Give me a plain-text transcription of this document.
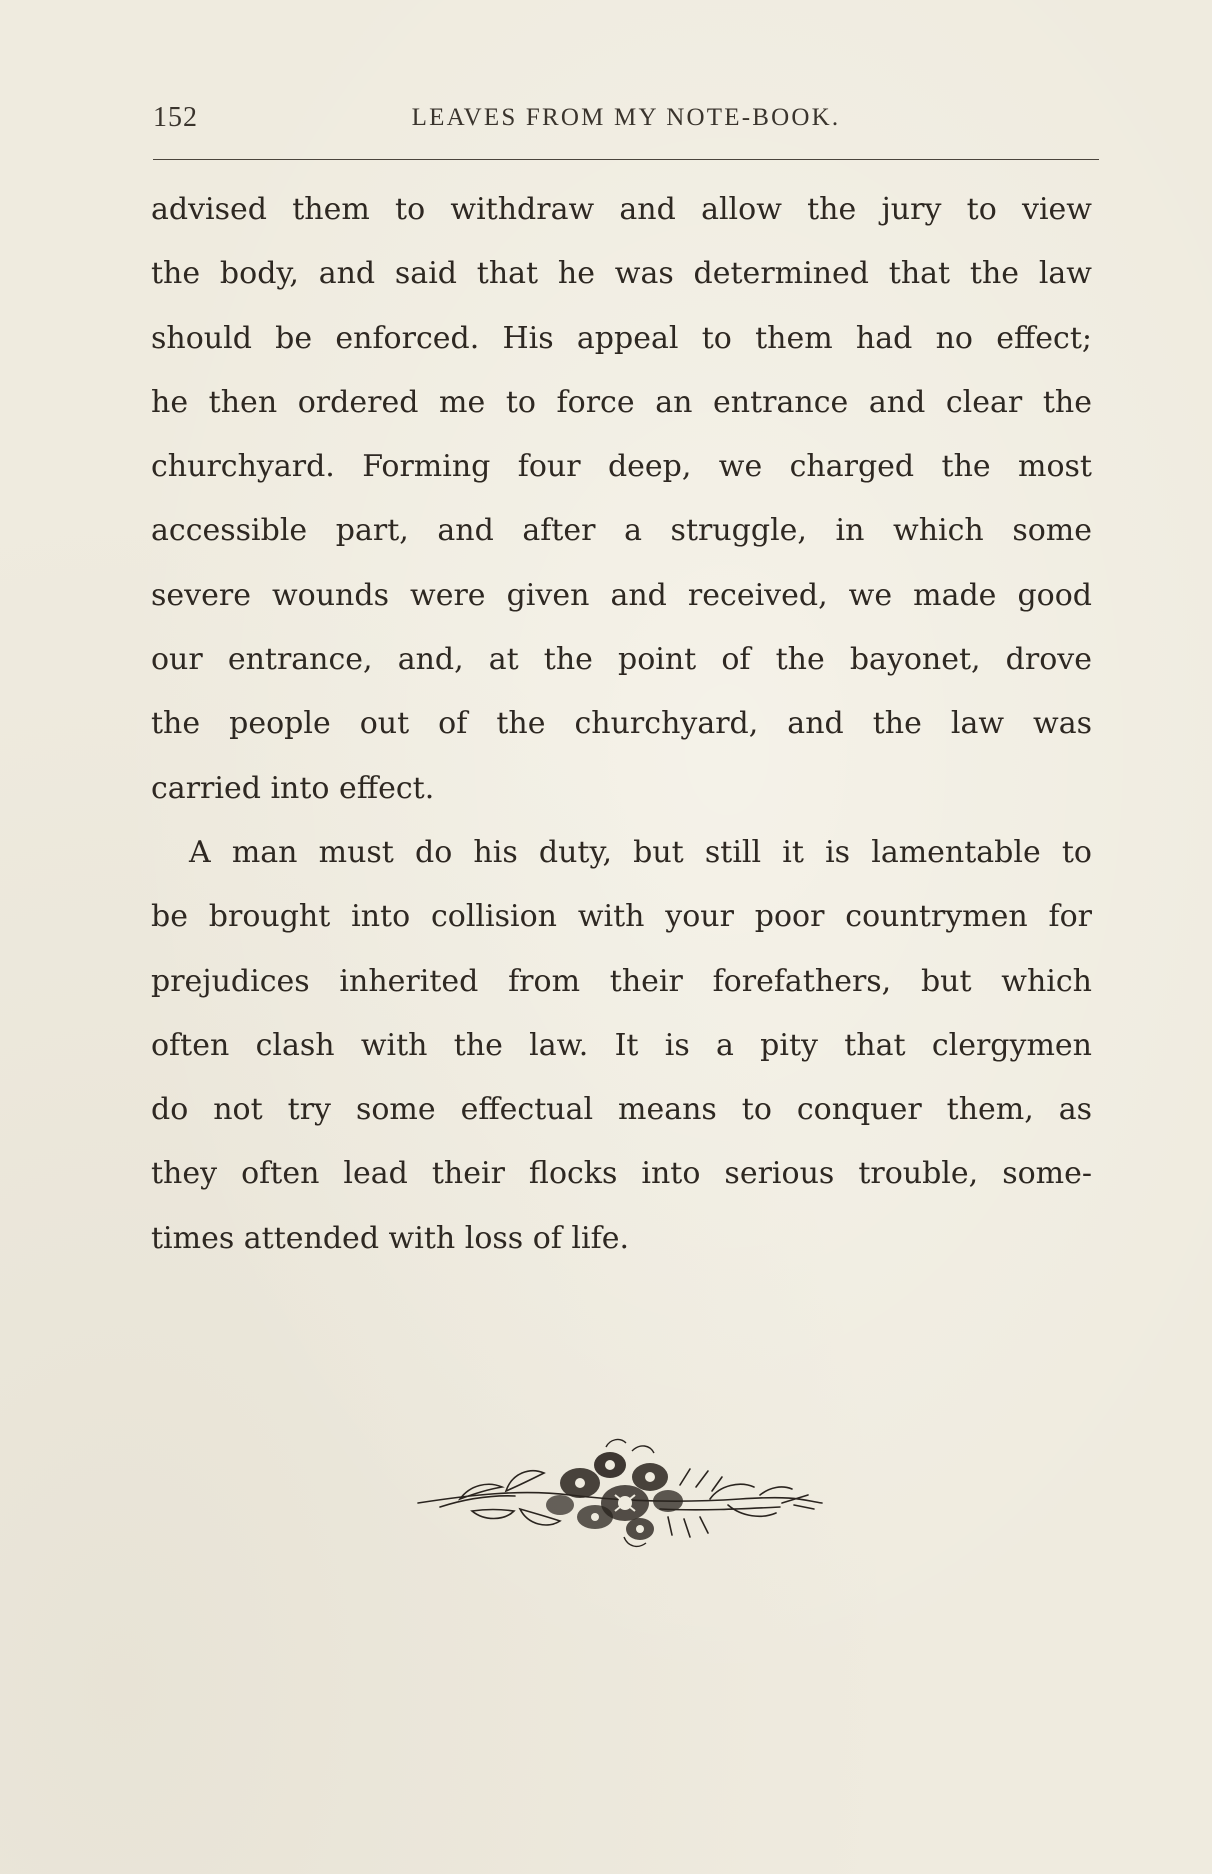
152	LEAVES FROM MY NOTE-BOOK.
advised them to withdraw and allow the jury to view
the body, and said that he was determined that the law
should be enforced. His appeal to them had no effect;
he then ordered me to force an entrance and clear the
churchyard. Forming four deep, we charged the most
accessible part, and after a struggle, in which some
severe wounds were given and received, we made good
our entrance, and, at the point of the bayonet, drove
the people out of the churchyard, and the law was
carried into effect.
A man must do his duty, but still it is lamentable to
be brought into collision with your poor countrymen for
prejudices inherited from their forefathers, but which
often clash with the law. It is a pity that clergymen
do not try some effectual means to conquer them, as
they often lead their flocks into serious trouble, some-
times attended with loss of life.
